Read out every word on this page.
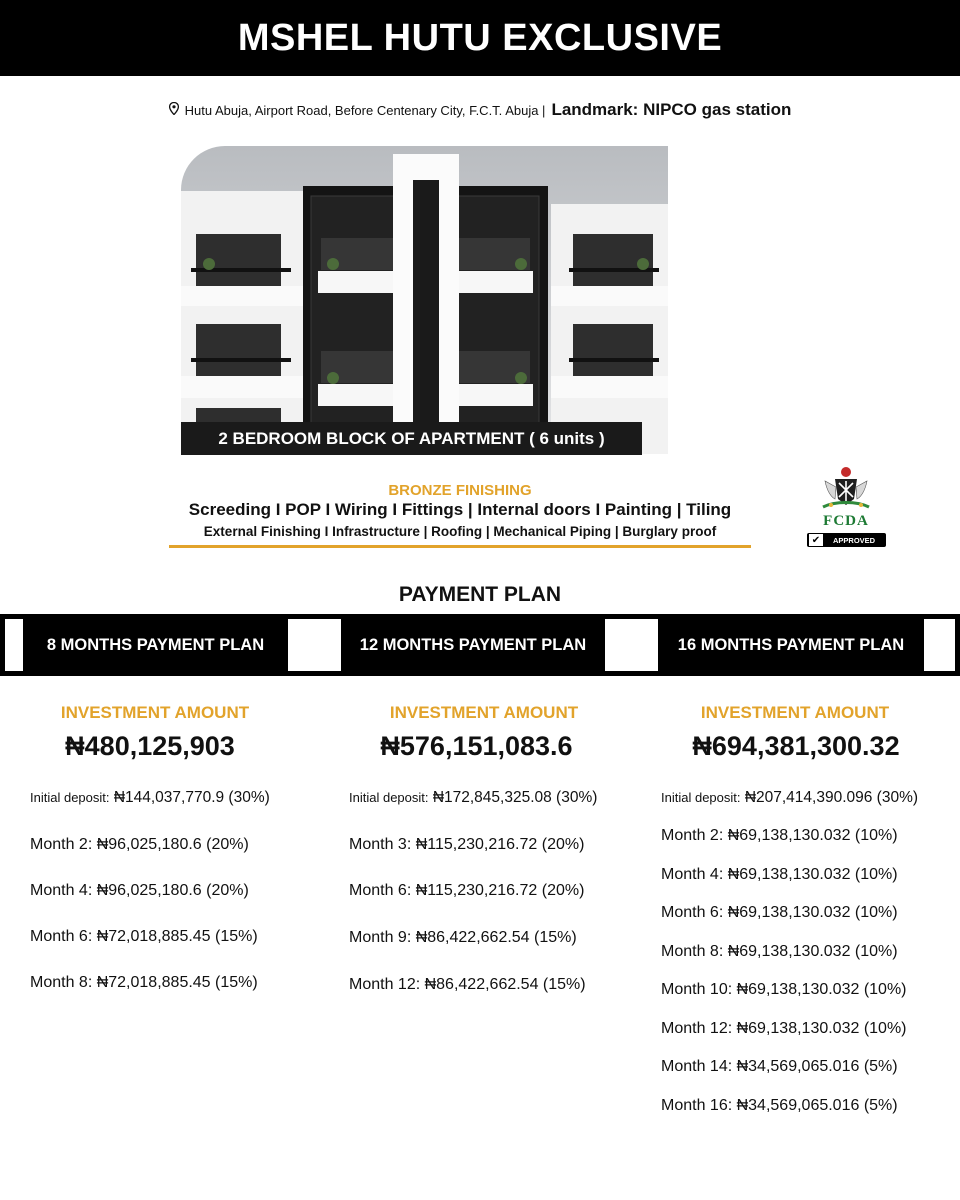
MSHEL HUTU EXCLUSIVE
Hutu Abuja, Airport Road, Before Centenary City, F.C.T. Abuja | Landmark: NIPCO gas station
2 BEDROOM BLOCK OF APARTMENT ( 6 units )
BRONZE FINISHING
Screeding I POP I Wiring I Fittings | Internal doors I Painting | Tiling
External Finishing I Infrastructure | Roofing | Mechanical Piping | Burglary proof
FCDA
✔	APPROVED
PAYMENT PLAN
8 MONTHS PAYMENT PLAN	12 MONTHS PAYMENT PLAN	16 MONTHS PAYMENT PLAN
INVESTMENT AMOUNT
₦480,125,903
Initial deposit: ₦144,037,770.9 (30%)
Month 2: ₦96,025,180.6 (20%)
Month 4: ₦96,025,180.6 (20%)
Month 6: ₦72,018,885.45 (15%)
Month 8: ₦72,018,885.45 (15%)
INVESTMENT AMOUNT
₦576,151,083.6
Initial deposit: ₦172,845,325.08 (30%)
Month 3: ₦115,230,216.72 (20%)
Month 6: ₦115,230,216.72 (20%)
Month 9: ₦86,422,662.54 (15%)
Month 12: ₦86,422,662.54 (15%)
INVESTMENT AMOUNT
₦694,381,300.32
Initial deposit: ₦207,414,390.096 (30%)
Month 2: ₦69,138,130.032 (10%)
Month 4: ₦69,138,130.032 (10%)
Month 6: ₦69,138,130.032 (10%)
Month 8: ₦69,138,130.032 (10%)
Month 10: ₦69,138,130.032 (10%)
Month 12: ₦69,138,130.032 (10%)
Month 14: ₦34,569,065.016 (5%)
Month 16: ₦34,569,065.016 (5%)
